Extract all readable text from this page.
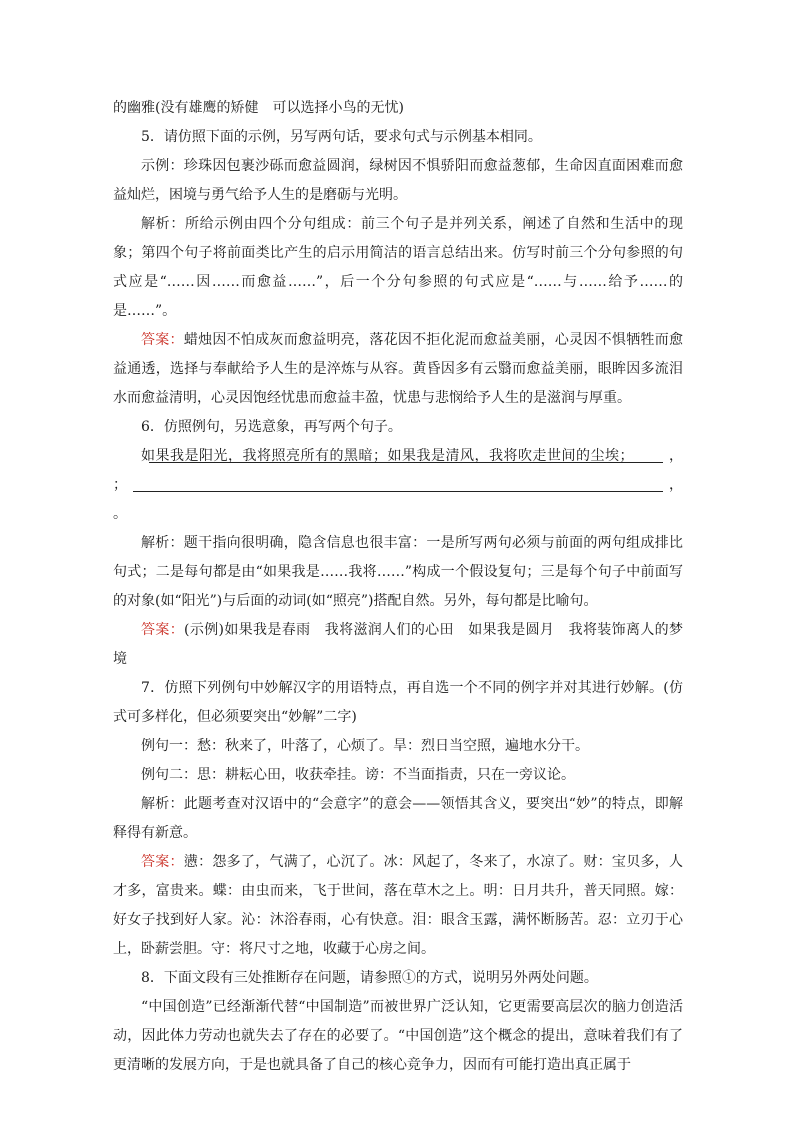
的幽雅(没有雄鹰的矫健　可以选择小鸟的无忧)

5．请仿照下面的示例，另写两句话，要求句式与示例基本相同。

示例：珍珠因包裹沙砾而愈益圆润，绿树因不惧骄阳而愈益葱郁，生命因直面困难而愈益灿烂，困境与勇气给予人生的是磨砺与光明。

解析：所给示例由四个分句组成：前三个句子是并列关系，阐述了自然和生活中的现象；第四个句子将前面类比产生的启示用简洁的语言总结出来。仿写时前三个分句参照的句式应是“……因……而愈益……”，后一个分句参照的句式应是“……与……给予……的是……”。

答案：蜡烛因不怕成灰而愈益明亮，落花因不拒化泥而愈益美丽，心灵因不惧牺牲而愈益通透，选择与奉献给予人生的是淬炼与从容。黄昏因多有云翳而愈益美丽，眼眸因多流泪水而愈益清明，心灵因饱经忧患而愈益丰盈，忧患与悲悯给予人生的是滋润与厚重。

6．仿照例句，另选意象，再写两个句子。

如果我是阳光，我将照亮所有的黑暗；如果我是清风，我将吹走世间的尘埃；	，
；	，

。

解析：题干指向很明确，隐含信息也很丰富：一是所写两句必须与前面的两句组成排比句式；二是每句都是由“如果我是……我将……”构成一个假设复句；三是每个句子中前面写的对象(如“阳光”)与后面的动词(如“照亮”)搭配自然。另外，每句都是比喻句。

答案：(示例)如果我是春雨　我将滋润人们的心田　如果我是圆月　我将装饰离人的梦境

7．仿照下列例句中妙解汉字的用语特点，再自选一个不同的例字并对其进行妙解。(仿式可多样化，但必须要突出“妙解”二字)

例句一：愁：秋来了，叶落了，心烦了。旱：烈日当空照，遍地水分干。

例句二：思：耕耘心田，收获牵挂。谤：不当面指责，只在一旁议论。

解析：此题考查对汉语中的“会意字”的意会——领悟其含义，要突出“妙”的特点，即解释得有新意。

答案：懑：怨多了，气满了，心沉了。冰：风起了，冬来了，水凉了。财：宝贝多，人才多，富贵来。蝶：由虫而来，飞于世间，落在草木之上。明：日月共升，普天同照。嫁：好女子找到好人家。沁：沐浴春雨，心有快意。泪：眼含玉露，满怀断肠苦。忍：立刃于心上，卧薪尝胆。守：将尺寸之地，收藏于心房之间。

8．下面文段有三处推断存在问题，请参照①的方式，说明另外两处问题。

“中国创造”已经渐渐代替“中国制造”而被世界广泛认知，它更需要高层次的脑力创造活动，因此体力劳动也就失去了存在的必要了。“中国创造”这个概念的提出，意味着我们有了更清晰的发展方向，于是也就具备了自己的核心竞争力，因而有可能打造出真正属于
